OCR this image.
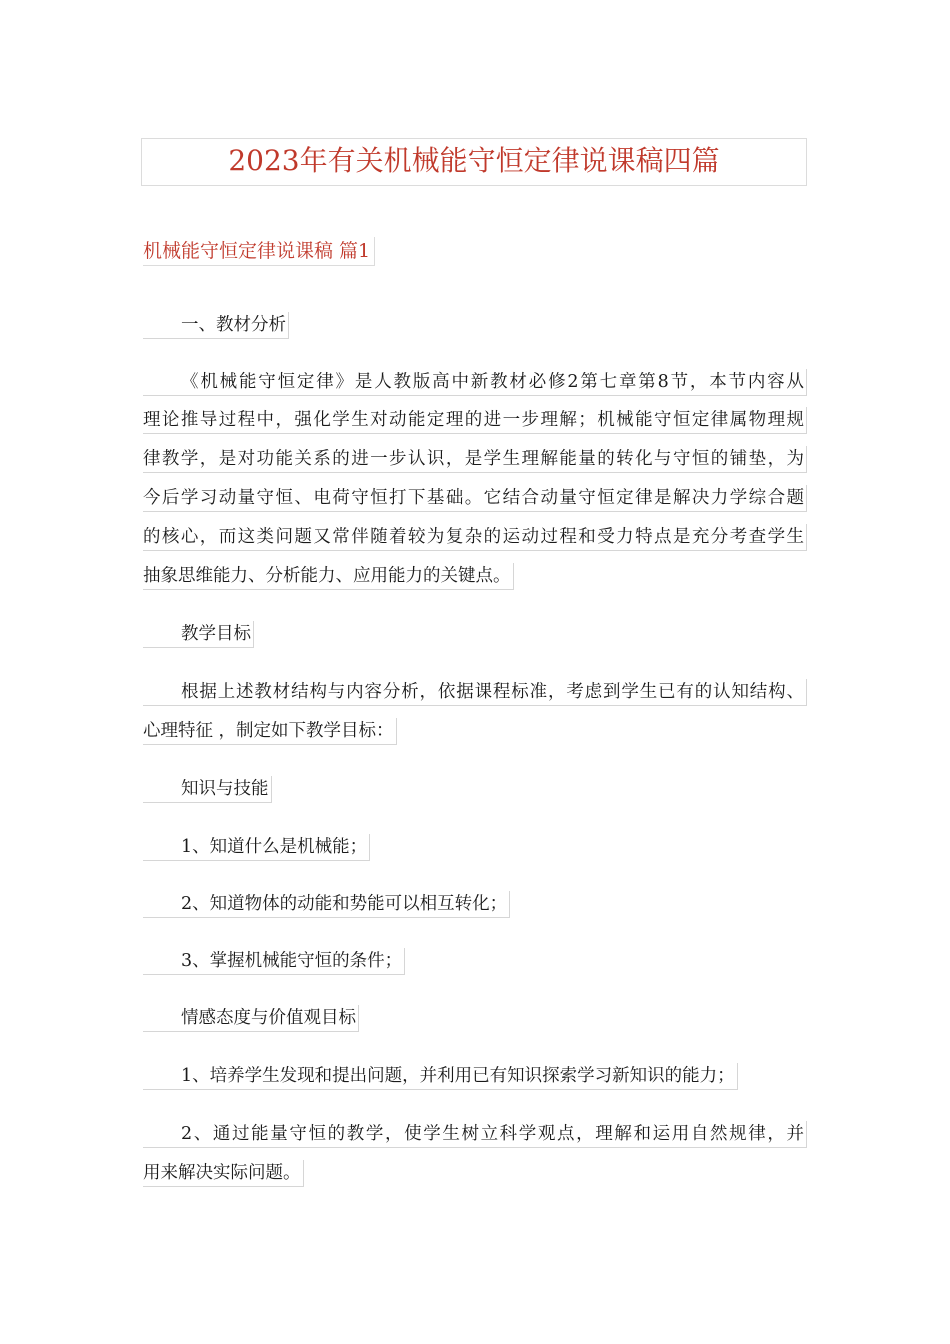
2023年有关机械能守恒定律说课稿四篇
机械能守恒定律说课稿 篇1
一、教材分析
《机械能守恒定律》是人教版高中新教材必修2第七章第8节，本节内容从
理论推导过程中，强化学生对动能定理的进一步理解；机械能守恒定律属物理规
律教学，是对功能关系的进一步认识，是学生理解能量的转化与守恒的铺垫，为
今后学习动量守恒、电荷守恒打下基础。它结合动量守恒定律是解决力学综合题
的核心，而这类问题又常伴随着较为复杂的运动过程和受力特点是充分考查学生
抽象思维能力、分析能力、应用能力的关键点。
教学目标
根据上述教材结构与内容分析，依据课程标准，考虑到学生已有的认知结构、
心理特征 ，制定如下教学目标：
知识与技能
1、知道什么是机械能；
2、知道物体的动能和势能可以相互转化；
3、掌握机械能守恒的条件；
情感态度与价值观目标
1、培养学生发现和提出问题，并利用已有知识探索学习新知识的能力；
2、通过能量守恒的教学，使学生树立科学观点，理解和运用自然规律，并
用来解决实际问题。
